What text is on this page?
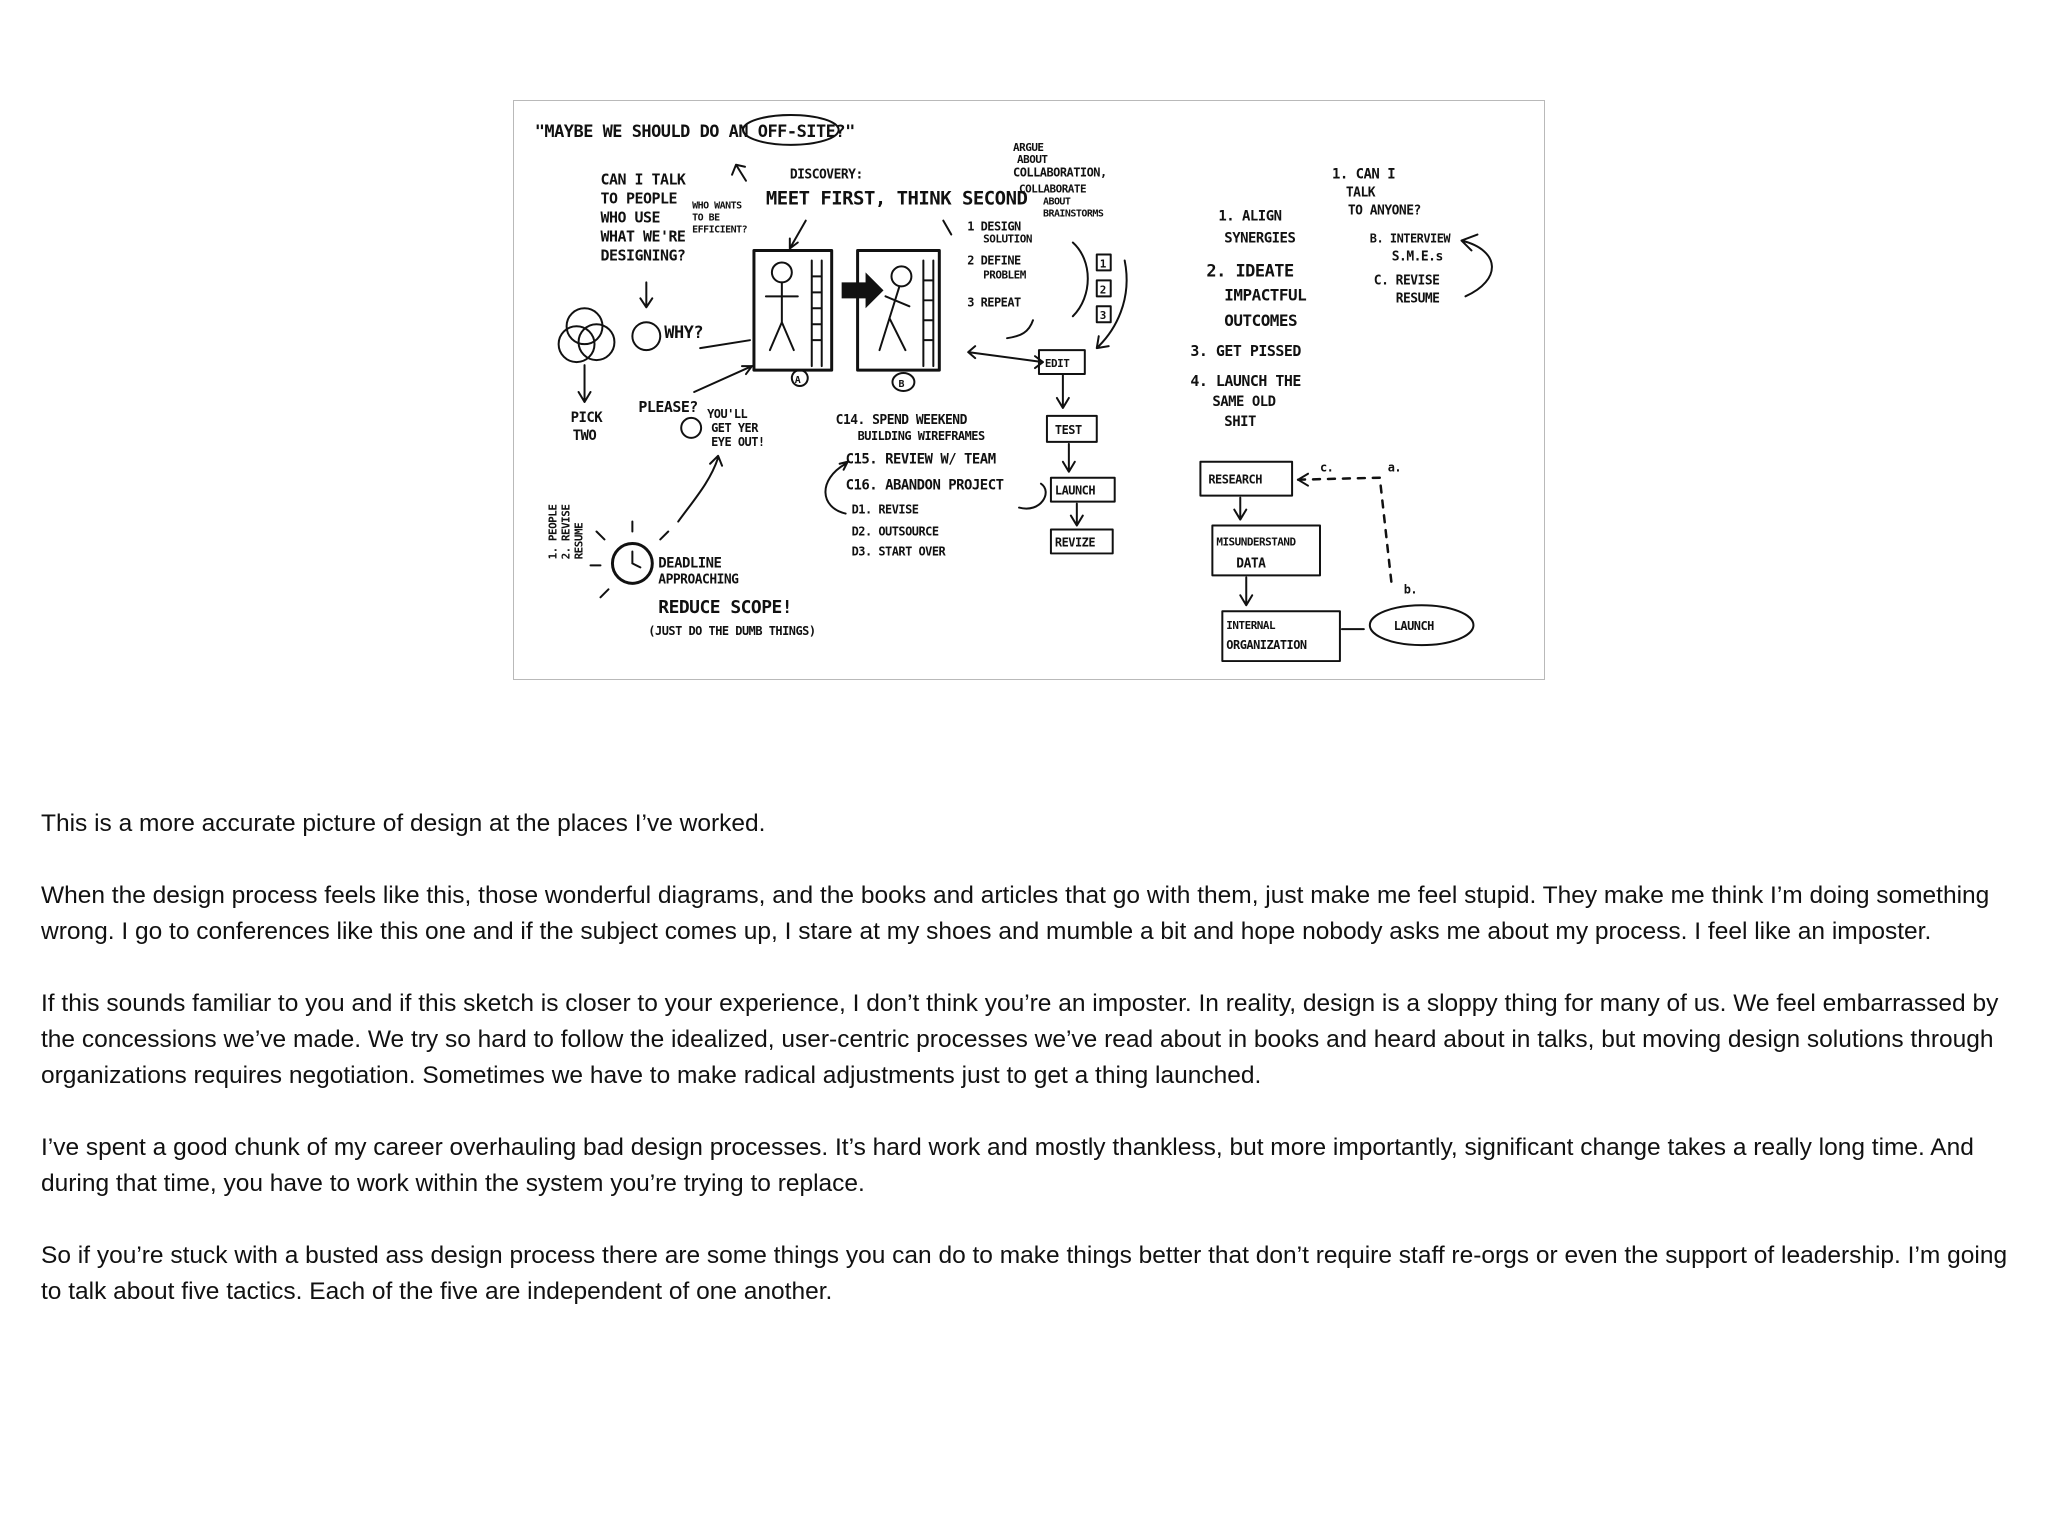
"MAYBE WE SHOULD DO AN OFF-SITE?"
CAN I TALK
TO PEOPLE
WHO USE
WHAT WE'RE
DESIGNING?
WHO WANTS
TO BE
EFFICIENT?
DISCOVERY:
MEET FIRST, THINK SECOND
PICK
TWO
WHY?
PLEASE? YOU'LL
GET YER
EYE OUT!
1. PEOPLE 2. REVISE RESUME
DEADLINE
APPROACHING
REDUCE SCOPE!
(JUST DO THE DUMB THINGS)
A	B
ARGUE
ABOUT
COLLABORATION,
COLLABORATE
ABOUT
BRAINSTORMS
1 DESIGN
SOLUTION
2 DEFINE
PROBLEM
3 REPEAT
1
2
3
EDIT
TEST
LAUNCH
REVIZE
C14. SPEND WEEKEND
BUILDING WIREFRAMES
C15. REVIEW W/ TEAM
C16. ABANDON PROJECT
D1. REVISE
D2. OUTSOURCE
D3. START OVER
1. ALIGN
SYNERGIES
2. IDEATE
IMPACTFUL
OUTCOMES
3. GET PISSED
4. LAUNCH THE
SAME OLD
SHIT
1. CAN I
TALK
TO ANYONE?
B. INTERVIEW
S.M.E.s
C. REVISE
RESUME
RESEARCH
c.	a.
b.
MISUNDERSTAND
DATA
INTERNAL
ORGANIZATION
LAUNCH

This is a more accurate picture of design at the places I’ve worked.

When the design process feels like this, those wonderful diagrams, and the books and articles that go with them, just make me feel stupid. They make me think I’m doing something wrong. I go to conferences like this one and if the subject comes up, I stare at my shoes and mumble a bit and hope nobody asks me about my process. I feel like an imposter.

If this sounds familiar to you and if this sketch is closer to your experience, I don’t think you’re an imposter. In reality, design is a sloppy thing for many of us. We feel embarrassed by the concessions we’ve made. We try so hard to follow the idealized, user-centric processes we’ve read about in books and heard about in talks, but moving design solutions through organizations requires negotiation. Sometimes we have to make radical adjustments just to get a thing launched.

I’ve spent a good chunk of my career overhauling bad design processes. It’s hard work and mostly thankless, but more importantly, significant change takes a really long time. And during that time, you have to work within the system you’re trying to replace.

So if you’re stuck with a busted ass design process there are some things you can do to make things better that don’t require staff re-orgs or even the support of leadership. I’m going to talk about five tactics. Each of the five are independent of one another.
